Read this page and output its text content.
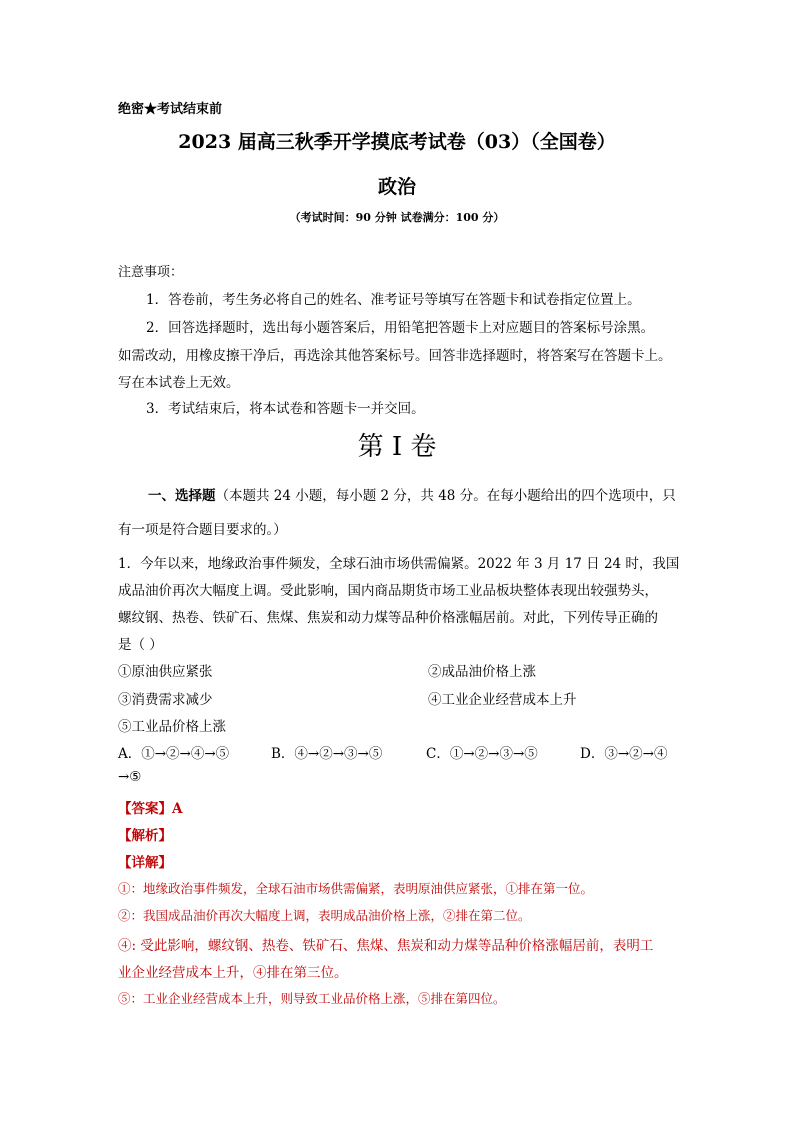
绝密★考试结束前
2023 届高三秋季开学摸底考试卷（03）（全国卷）
政治
（考试时间：90 分钟 试卷满分：100 分）
注意事项：
1．答卷前，考生务必将自己的姓名、准考证号等填写在答题卡和试卷指定位置上。
2．回答选择题时，选出每小题答案后，用铅笔把答题卡上对应题目的答案标号涂黑。
如需改动，用橡皮擦干净后，再选涂其他答案标号。回答非选择题时，将答案写在答题卡上。
写在本试卷上无效。
3．考试结束后，将本试卷和答题卡一并交回。
第 I 卷
一、选择题（本题共 24 小题，每小题 2 分，共 48 分。在每小题给出的四个选项中，只
有一项是符合题目要求的。）
1．今年以来，地缘政治事件频发，全球石油市场供需偏紧。2022 年 3 月 17 日 24 时，我国
成品油价再次大幅度上调。受此影响，国内商品期货市场工业品板块整体表现出较强势头，
螺纹钢、热卷、铁矿石、焦煤、焦炭和动力煤等品种价格涨幅居前。对此，下列传导正确的
是（ ）
①原油供应紧张	②成品油价格上涨
③消费需求减少	④工业企业经营成本上升
⑤工业品价格上涨
A．①→②→④→⑤	B．④→②→③→⑤	C．①→②→③→⑤	D．③→②→④
→⑤
【答案】A
【解析】
【详解】
①：地缘政治事件频发，全球石油市场供需偏紧，表明原油供应紧张，①排在第一位。
②：我国成品油价再次大幅度上调，表明成品油价格上涨，②排在第二位。
④: 受此影响，螺纹钢、热卷、铁矿石、焦煤、焦炭和动力煤等品种价格涨幅居前，表明工
业企业经营成本上升，④排在第三位。
⑤：工业企业经营成本上升，则导致工业品价格上涨，⑤排在第四位。
